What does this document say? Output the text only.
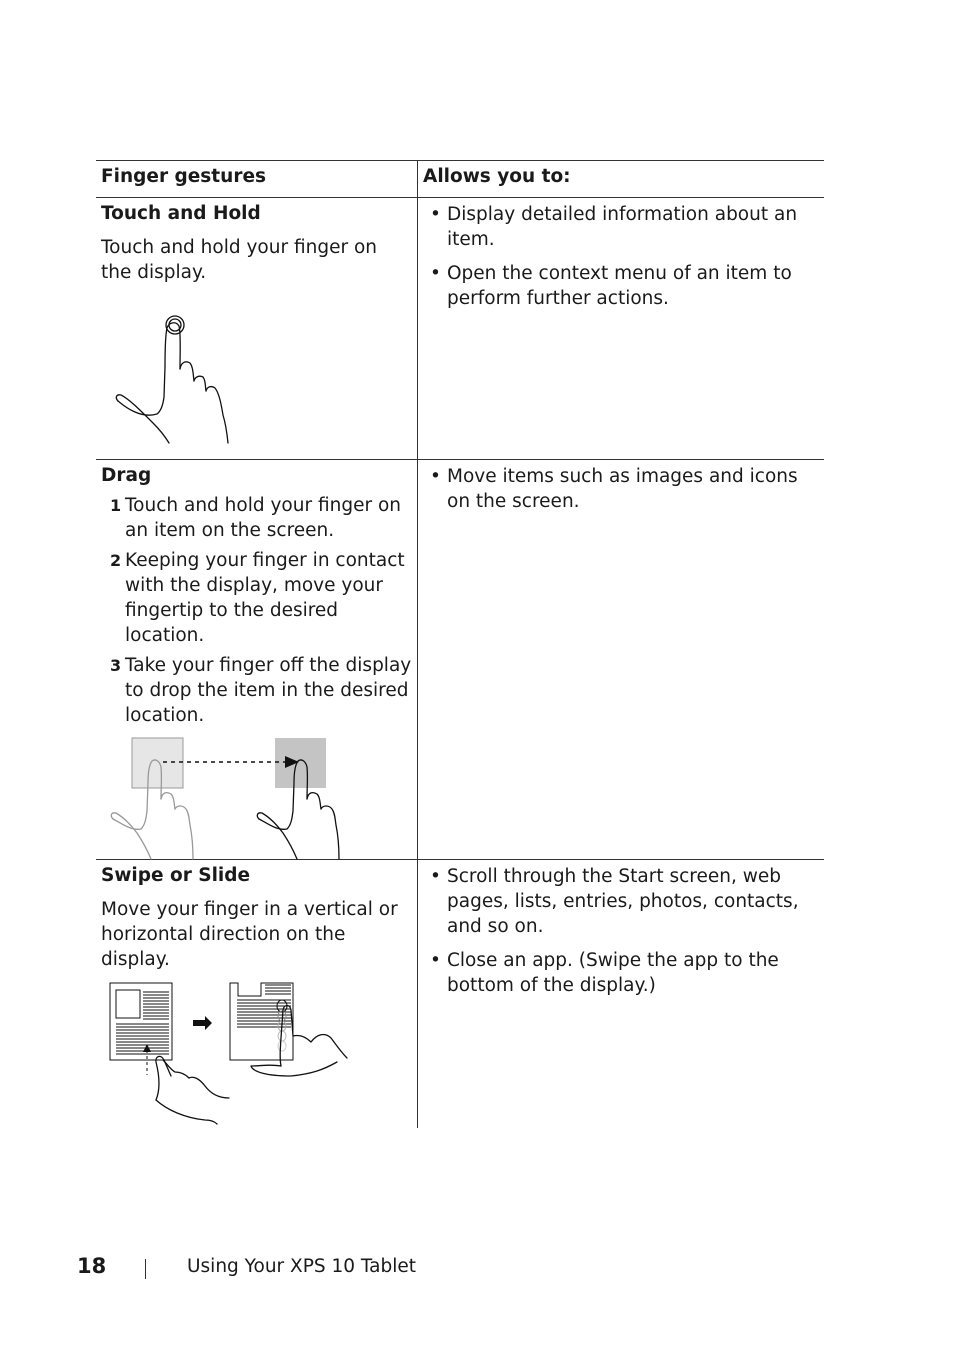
Finger gestures	Allows you to:
Touch and Hold

Touch and hold your finger on the display.

• Display detailed information about an item.
• Open the context menu of an item to perform further actions.
Drag
1 Touch and hold your finger on an item on the screen.
2 Keeping your finger in contact with the display, move your fingertip to the desired location.
3 Take your finger off the display to drop the item in the desired location.
• Move items such as images and icons on the screen.
Swipe or Slide

Move your finger in a vertical or horizontal direction on the display.

• Scroll through the Start screen, web pages, lists, entries, photos, contacts, and so on.
• Close an app. (Swipe the app to the bottom of the display.)
18	Using Your XPS 10 Tablet
